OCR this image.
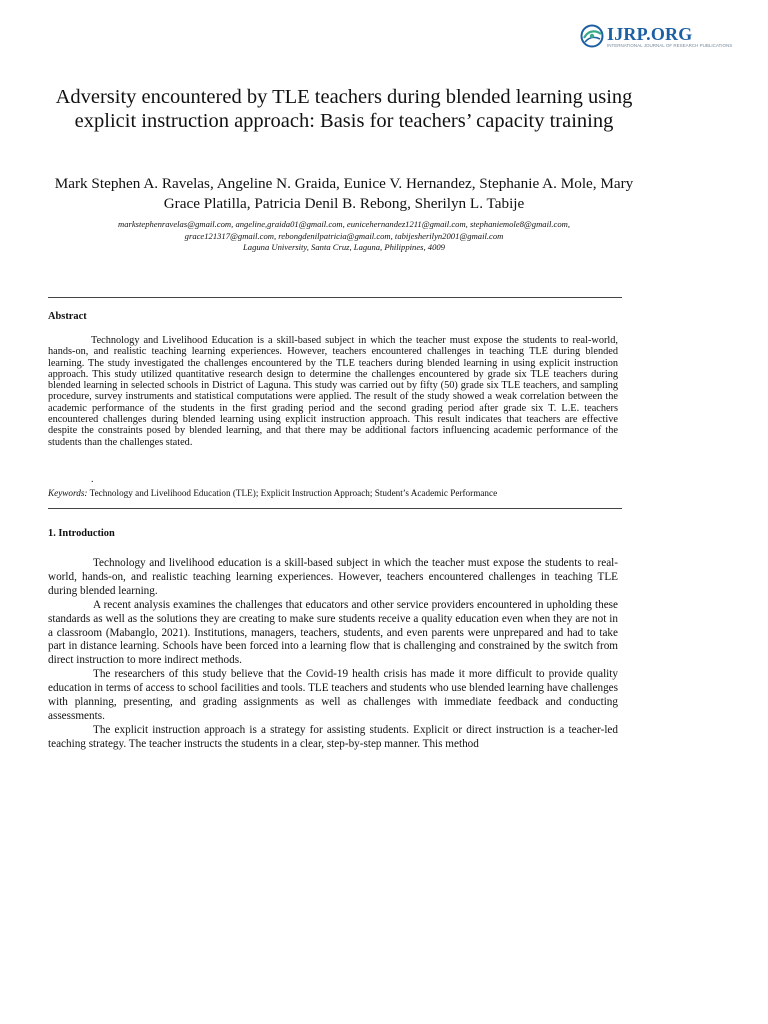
IJRP.ORG
INTERNATIONAL JOURNAL OF RESEARCH PUBLICATIONS
Adversity encountered by TLE teachers during blended learning using explicit instruction approach: Basis for teachers’ capacity training

Mark Stephen A. Ravelas, Angeline N. Graida, Eunice V. Hernandez, Stephanie A. Mole, Mary Grace Platilla, Patricia Denil B. Rebong, Sherilyn L. Tabije

markstephenravelas@gmail.com, angeline,graida01@gmail.com, eunicehernandez1211@gmail.com, stephaniemole8@gmail.com,
grace121317@gmail.com, rebongdenilpatricia@gmail.com, tabijesherilyn2001@gmail.com
Laguna University, Santa Cruz, Laguna, Philippines, 4009
Abstract

Technology and Livelihood Education is a skill-based subject in which the teacher must expose the students to real-world, hands-on, and realistic teaching learning experiences. However, teachers encountered challenges in teaching TLE during blended learning. The study investigated the challenges encountered by the TLE teachers during blended learning in using explicit instruction approach. This study utilized quantitative research design to determine the challenges encountered by grade six TLE teachers during blended learning in selected schools in District of Laguna. This study was carried out by fifty (50) grade six TLE teachers, and sampling procedure, survey instruments and statistical computations were applied. The result of the study showed a weak correlation between the academic performance of the students in the first grading period and the second grading period after grade six T. L.E. teachers encountered challenges during blended learning using explicit instruction approach. This result indicates that teachers are effective despite the constraints posed by blended learning, and that there may be additional factors influencing academic performance of the students than the challenges stated.

.

Keywords: Technology and Livelihood Education (TLE); Explicit Instruction Approach; Student’s Academic Performance

1. Introduction

Technology and livelihood education is a skill-based subject in which the teacher must expose the students to real-world, hands-on, and realistic teaching learning experiences. However, teachers encountered challenges in teaching TLE during blended learning.

A recent analysis examines the challenges that educators and other service providers encountered in upholding these standards as well as the solutions they are creating to make sure students receive a quality education even when they are not in a classroom (Mabanglo, 2021). Institutions, managers, teachers, students, and even parents were unprepared and had to take part in distance learning. Schools have been forced into a learning flow that is challenging and constrained by the switch from direct instruction to more indirect methods.

The researchers of this study believe that the Covid-19 health crisis has made it more difficult to provide quality education in terms of access to school facilities and tools. TLE teachers and students who use blended learning have challenges with planning, presenting, and grading assignments as well as challenges with immediate feedback and conducting assessments.

The explicit instruction approach is a strategy for assisting students. Explicit or direct instruction is a teacher-led teaching strategy. The teacher instructs the students in a clear, step-by-step manner. This method
